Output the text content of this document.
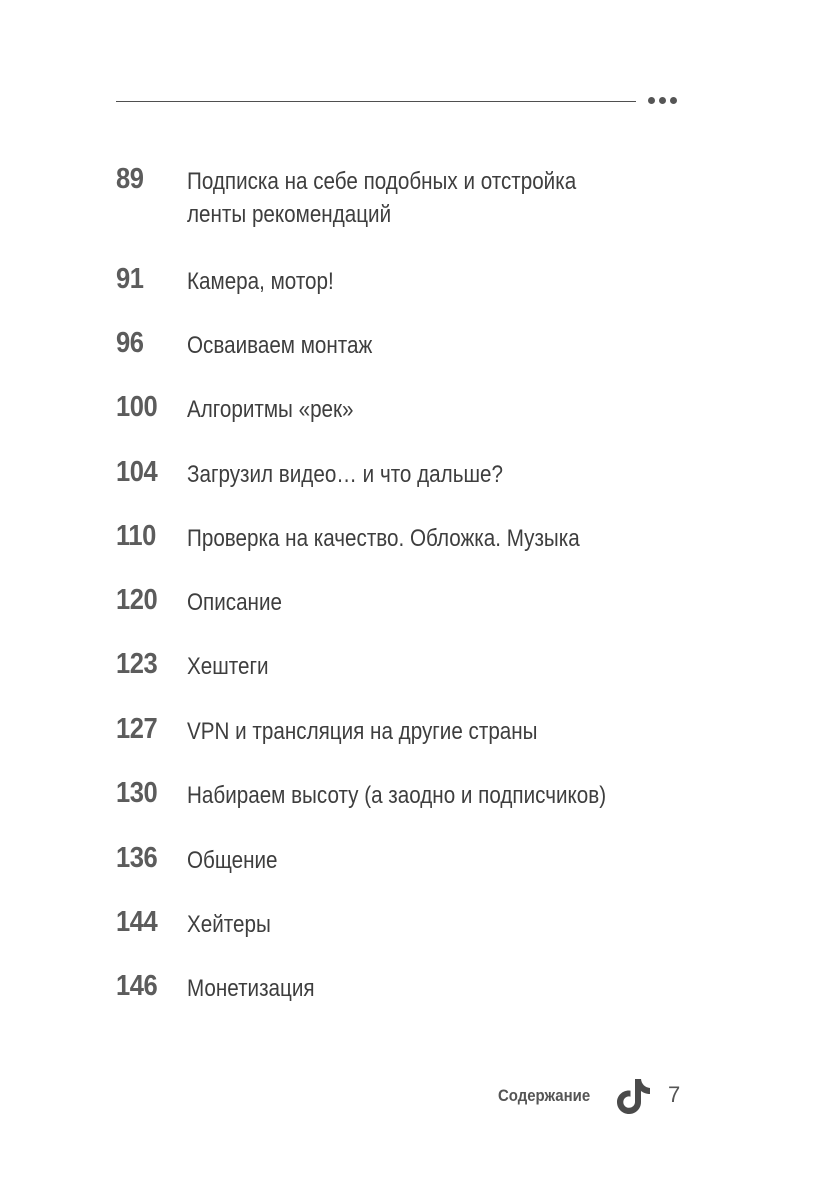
89 Подписка на себе подобных и отстройка ленты рекомендаций
91 Камера, мотор!
96 Осваиваем монтаж
100 Алгоритмы «рек»
104 Загрузил видео… и что дальше?
110 Проверка на качество. Обложка. Музыка
120 Описание
123 Хештеги
127 VPN и трансляция на другие страны
130 Набираем высоту (а заодно и подписчиков)
136 Общение
144 Хейтеры
146 Монетизация
Содержание	7
